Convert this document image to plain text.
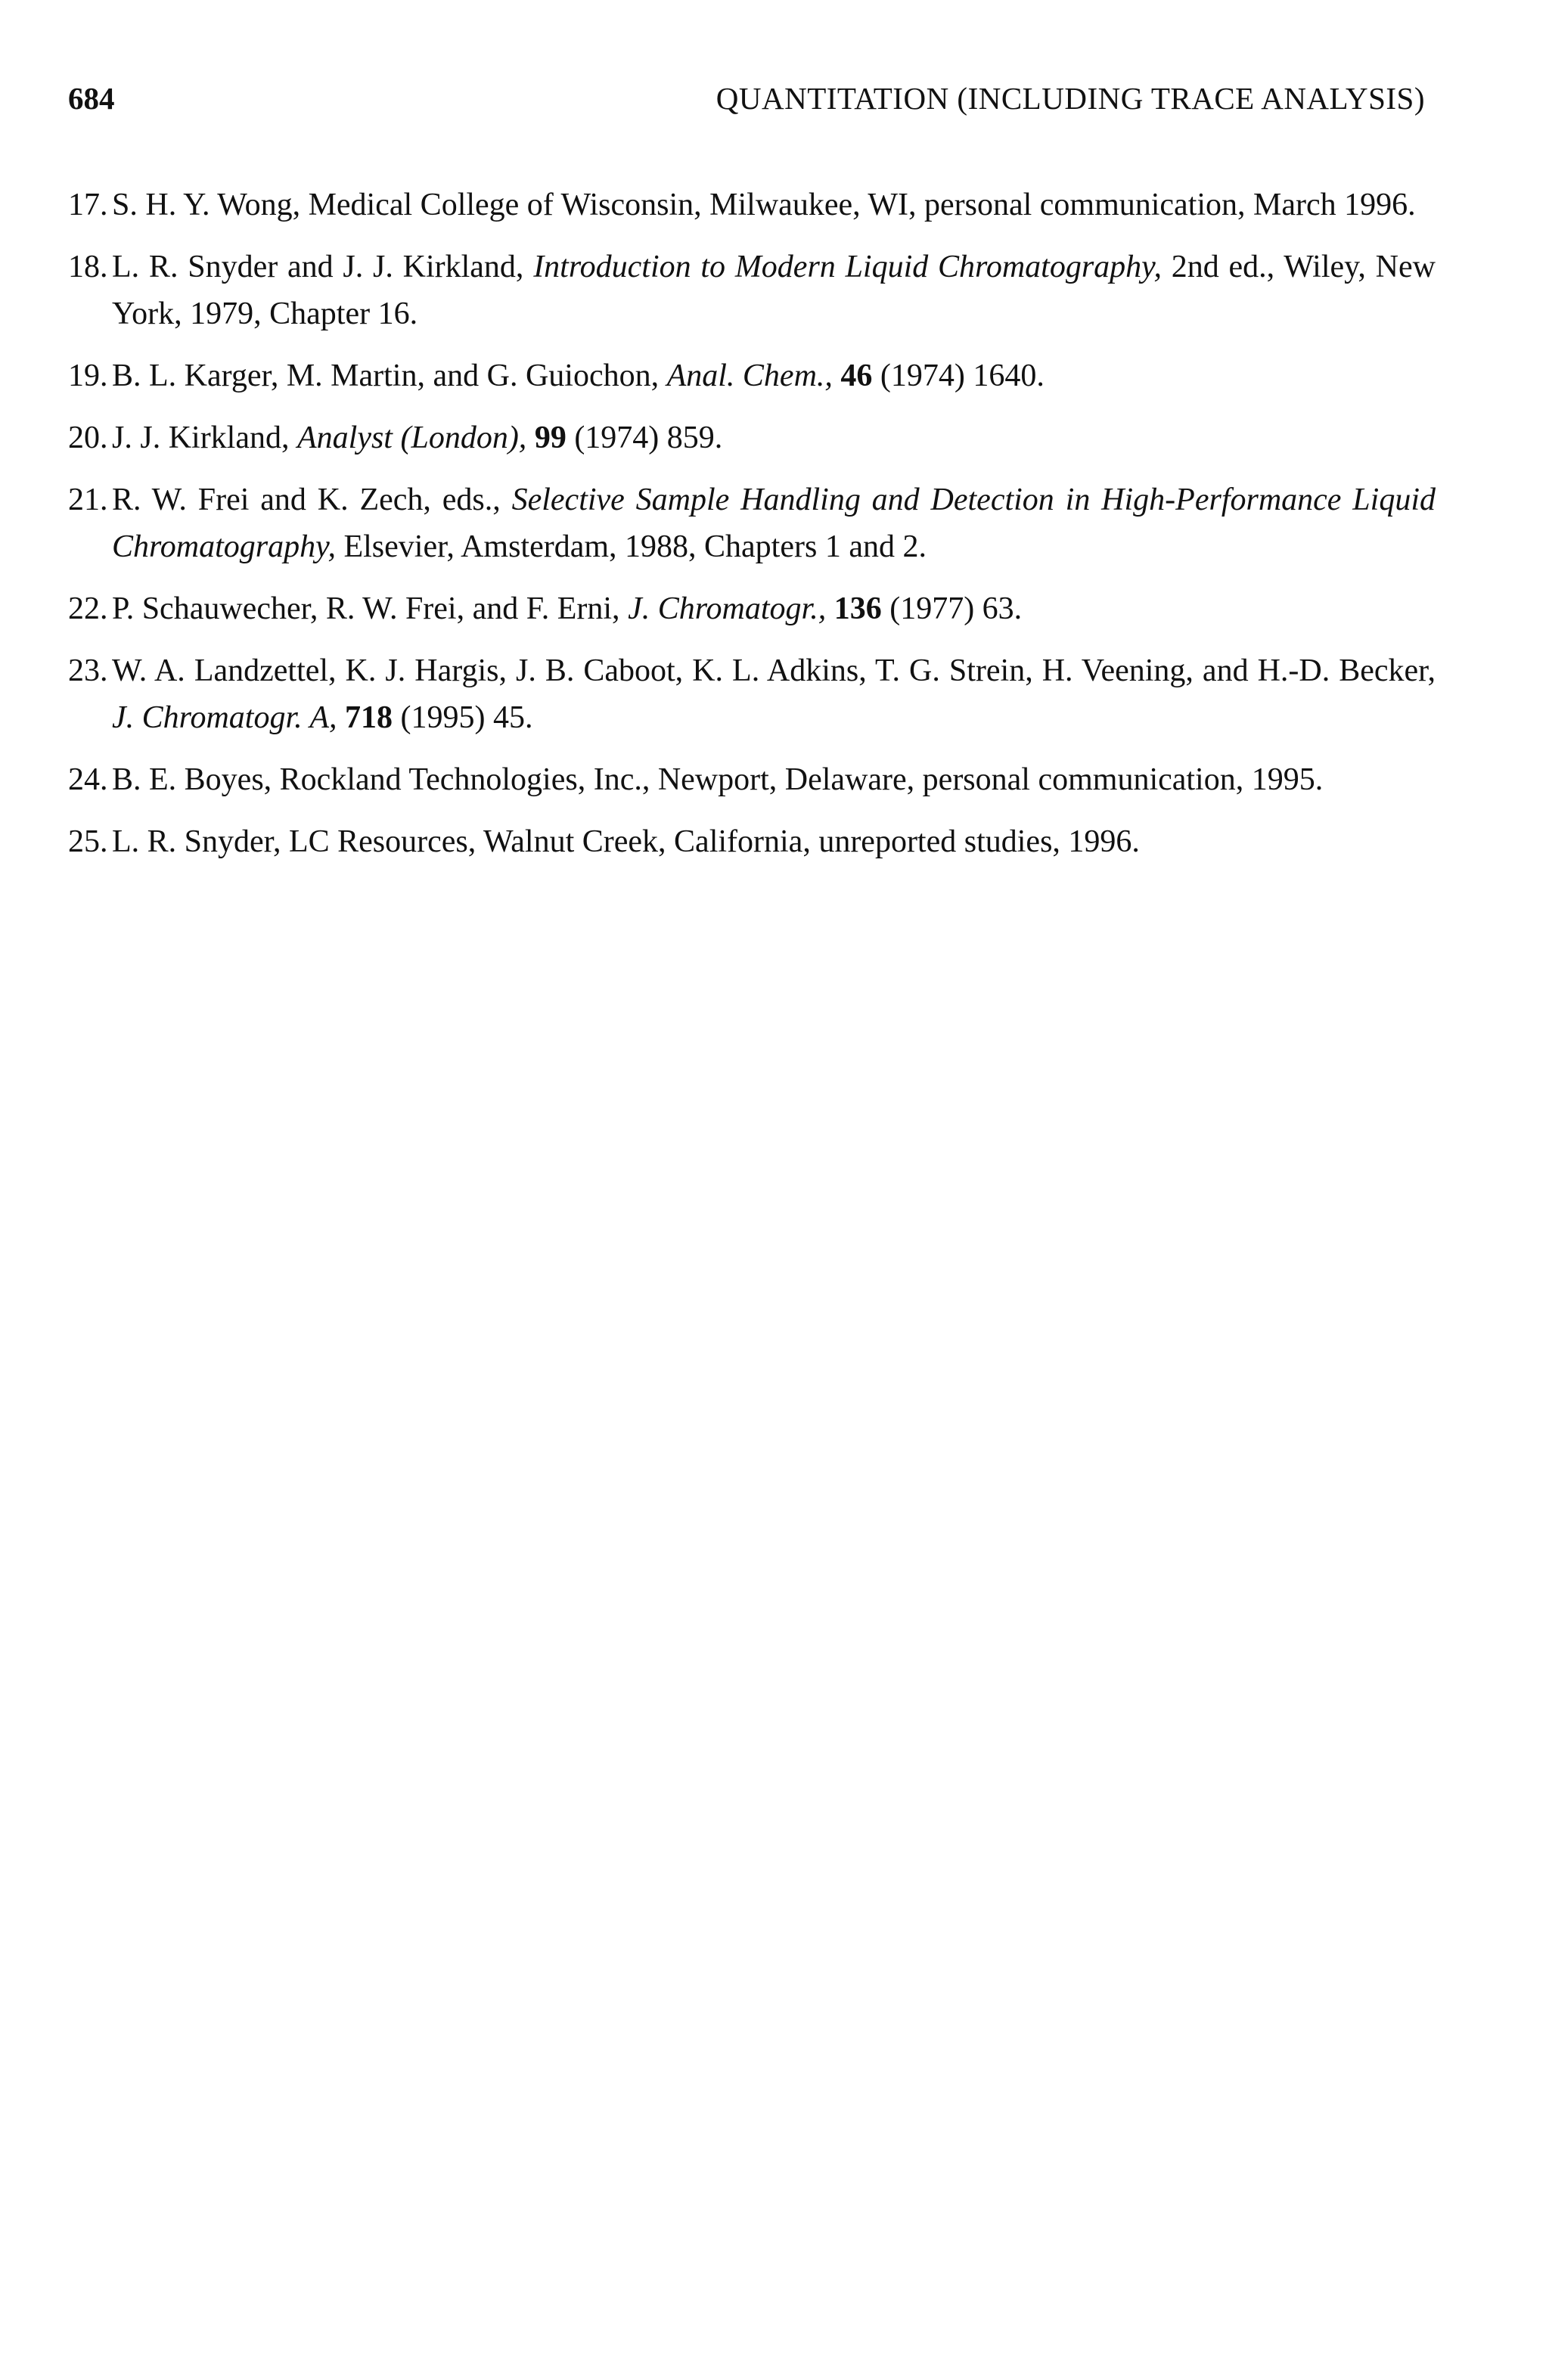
684	QUANTITATION (INCLUDING TRACE ANALYSIS)
17 . S. H. Y. Wong, Medical College of Wisconsin, Milwaukee, WI, personal communication, March 1996.
18 . L. R. Snyder and J. J. Kirkland, Introduction to Modern Liquid Chromatography, 2nd ed., Wiley, New York, 1979, Chapter 16.
19 . B. L. Karger, M. Martin, and G. Guiochon, Anal. Chem., 46 (1974) 1640.
20 . J. J. Kirkland, Analyst (London), 99 (1974) 859.
21 . R. W. Frei and K. Zech, eds., Selective Sample Handling and Detection in High-Performance Liquid Chromatography, Elsevier, Amsterdam, 1988, Chapters 1 and 2.
22 . P. Schauwecher, R. W. Frei, and F. Erni, J. Chromatogr., 136 (1977) 63.
23 . W. A. Landzettel, K. J. Hargis, J. B. Caboot, K. L. Adkins, T. G. Strein, H. Veening, and H.-D. Becker, J. Chromatogr. A, 718 (1995) 45.
24 . B. E. Boyes, Rockland Technologies, Inc., Newport, Delaware, personal communication, 1995.
25 . L. R. Snyder, LC Resources, Walnut Creek, California, unreported studies, 1996.
